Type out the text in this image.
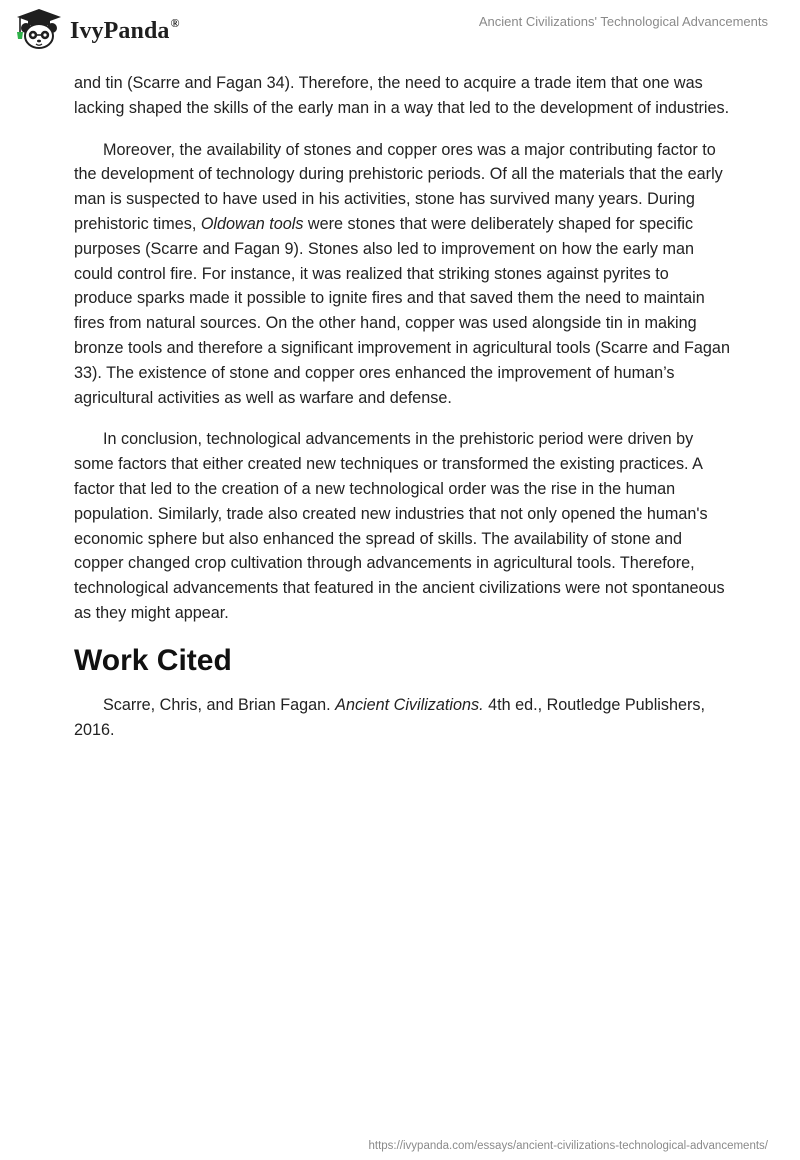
IvyPanda®	Ancient Civilizations' Technological Advancements

and tin (Scarre and Fagan 34). Therefore, the need to acquire a trade item that one was lacking shaped the skills of the early man in a way that led to the development of industries.

Moreover, the availability of stones and copper ores was a major contributing factor to the development of technology during prehistoric periods. Of all the materials that the early man is suspected to have used in his activities, stone has survived many years. During prehistoric times, Oldowan tools were stones that were deliberately shaped for specific purposes (Scarre and Fagan 9). Stones also led to improvement on how the early man could control fire. For instance, it was realized that striking stones against pyrites to produce sparks made it possible to ignite fires and that saved them the need to maintain fires from natural sources. On the other hand, copper was used alongside tin in making bronze tools and therefore a significant improvement in agricultural tools (Scarre and Fagan 33). The existence of stone and copper ores enhanced the improvement of human’s agricultural activities as well as warfare and defense.

In conclusion, technological advancements in the prehistoric period were driven by some factors that either created new techniques or transformed the existing practices. A factor that led to the creation of a new technological order was the rise in the human population. Similarly, trade also created new industries that not only opened the human's economic sphere but also enhanced the spread of skills. The availability of stone and copper changed crop cultivation through advancements in agricultural tools. Therefore, technological advancements that featured in the ancient civilizations were not spontaneous as they might appear.

Work Cited

Scarre, Chris, and Brian Fagan. Ancient Civilizations. 4th ed., Routledge Publishers, 2016.

https://ivypanda.com/essays/ancient-civilizations-technological-advancements/
